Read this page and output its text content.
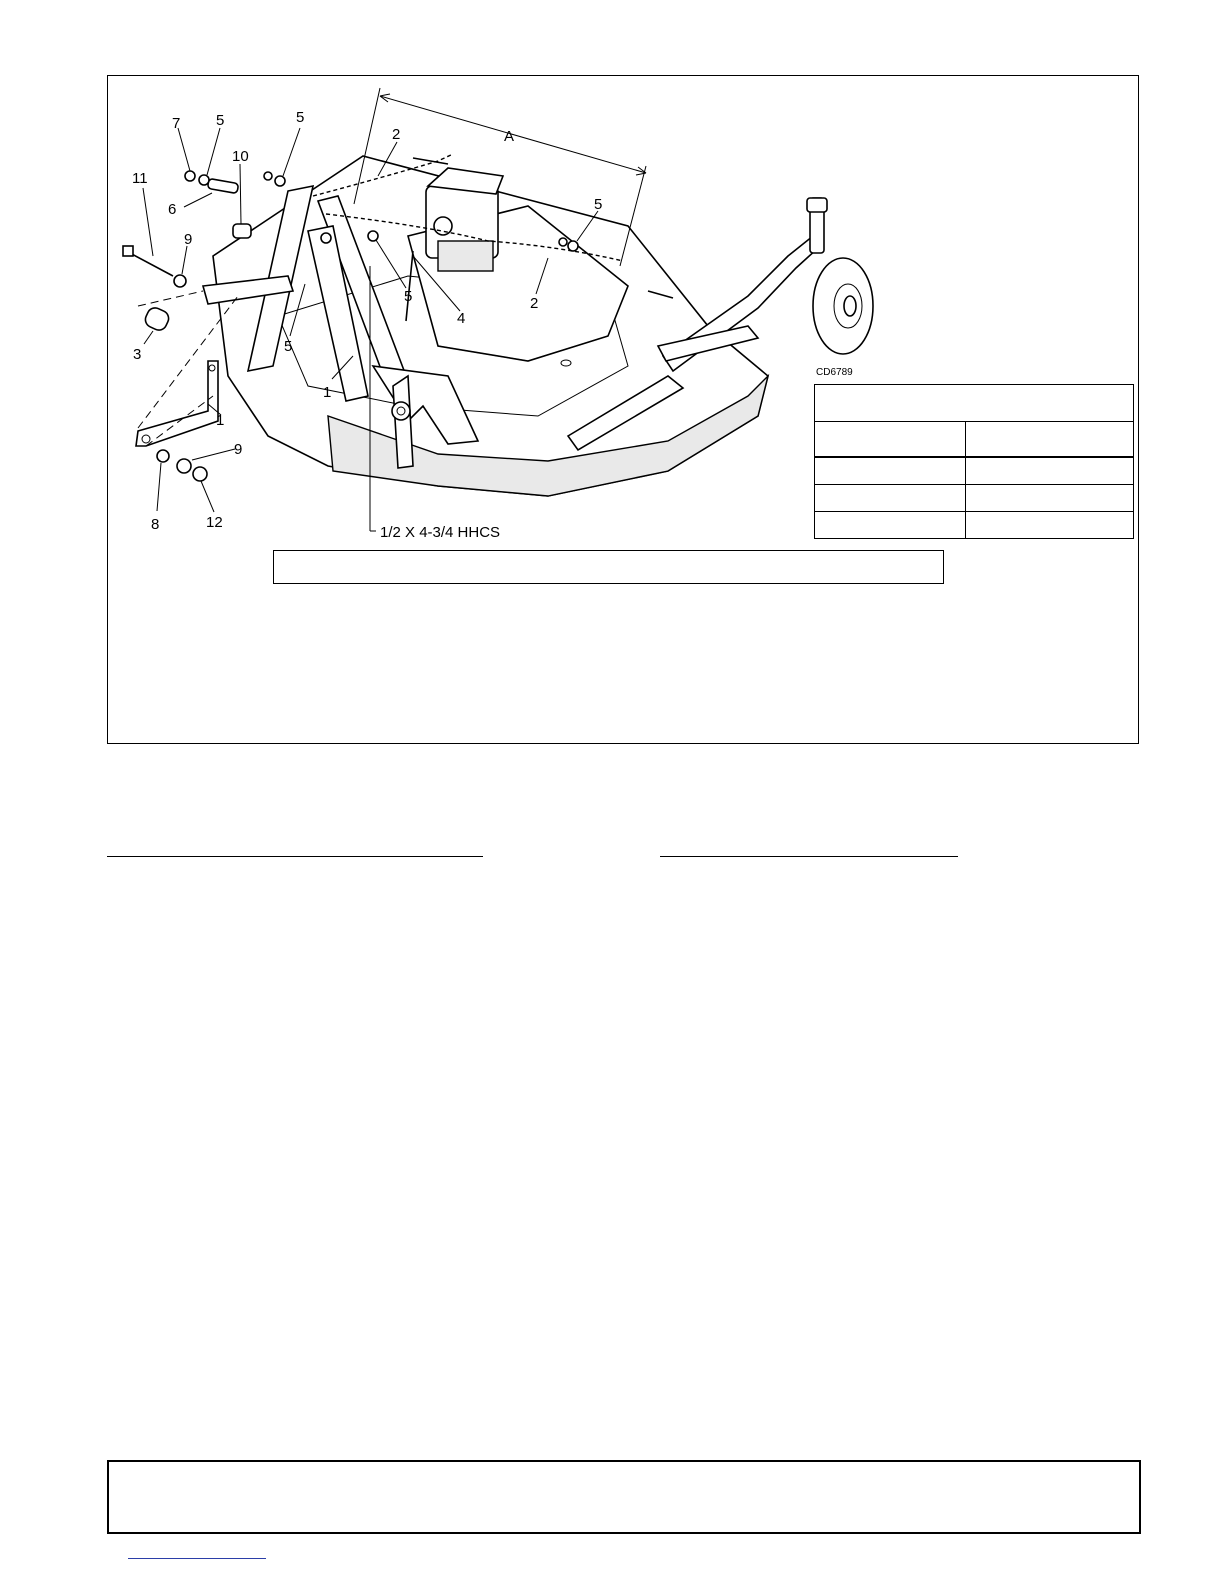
7 5	5
2
10
11
6
9
3	5
5
4
2
5
1
1
9
8	12
A
1/2 X 4-3/4 HHCS
CD6789
